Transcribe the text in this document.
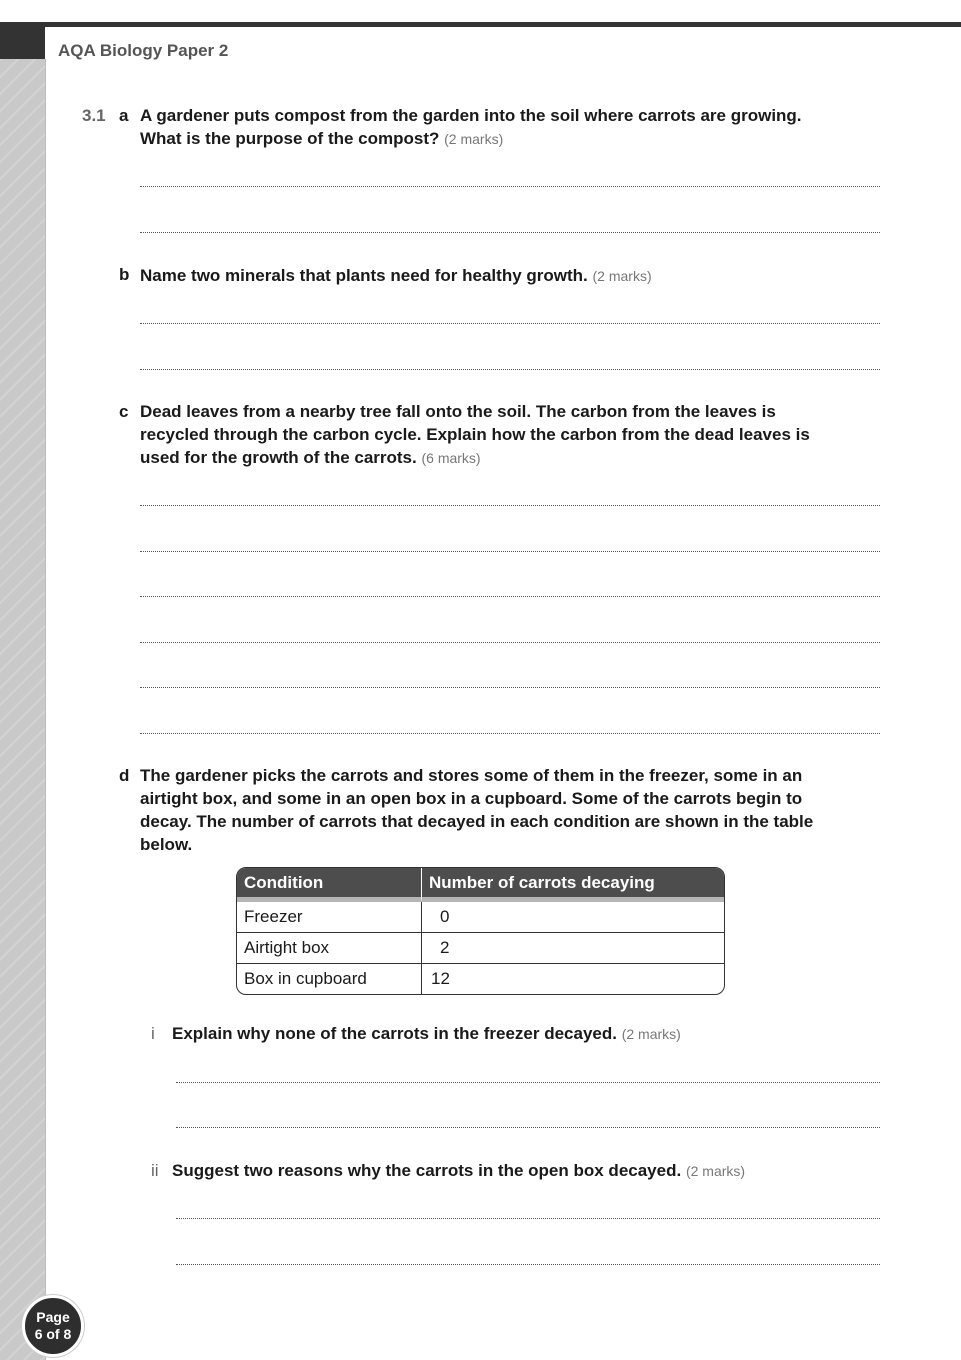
AQA Biology Paper 2
3.1 a A gardener puts compost from the garden into the soil where carrots are growing.
What is the purpose of the compost? (2 marks)
b Name two minerals that plants need for healthy growth. (2 marks)
c Dead leaves from a nearby tree fall onto the soil. The carbon from the leaves is
recycled through the carbon cycle. Explain how the carbon from the dead leaves is
used for the growth of the carrots. (6 marks)
d The gardener picks the carrots and stores some of them in the freezer, some in an
airtight box, and some in an open box in a cupboard. Some of the carrots begin to
decay. The number of carrots that decayed in each condition are shown in the table
below.
Condition	Number of carrots decaying
Freezer	0
Airtight box	2
Box in cupboard	12
i Explain why none of the carrots in the freezer decayed. (2 marks)
ii Suggest two reasons why the carrots in the open box decayed. (2 marks)
Page
6 of 8
